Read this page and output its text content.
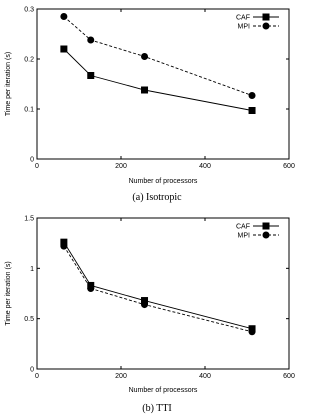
0	200	400	600
0
0.1
0.2
0.3
Number of processors
Time per iteration (s)
CAF
MPI
(a) Isotropic
0	200	400	600
0
0.5
1
1.5
Number of processors
Time per iteration (s)
CAF
MPI
(b) TTI
